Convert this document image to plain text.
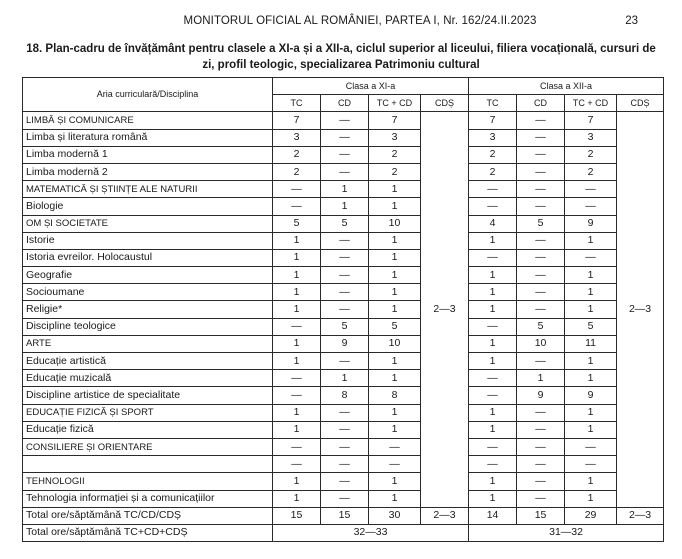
MONITORUL OFICIAL AL ROMÂNIEI, PARTEA I, Nr. 162/24.II.2023	23
18. Plan-cadru de învățământ pentru clasele a XI-a și a XII-a, ciclul superior al liceului, filiera vocațională, cursuri de zi, profil teologic, specializarea Patrimoniu cultural
Aria curriculară/Disciplina	Clasa a XI-a				Clasa a XII-a			
	TC	CD	TC + CD	CDȘ	TC	CD	TC + CD	CDȘ
LIMBĂ ȘI COMUNICARE	7	—	7	2—3	7	—	7	2—3
Limba și literatura română	3	—	3		3	—	3	
Limba modernă 1	2	—	2		2	—	2	
Limba modernă 2	2	—	2		2	—	2	
MATEMATICĂ ȘI ȘTIINȚE ALE NATURII	—	1	1		—	—	—	
Biologie	—	1	1		—	—	—	
OM ȘI SOCIETATE	5	5	10		4	5	9	
Istorie	1	—	1		1	—	1	
Istoria evreilor. Holocaustul	1	—	1		—	—	—	
Geografie	1	—	1		1	—	1	
Socioumane	1	—	1		1	—	1	
Religie*	1	—	1		1	—	1	
Discipline teologice	—	5	5		—	5	5	
ARTE	1	9	10		1	10	11	
Educație artistică	1	—	1		1	—	1	
Educație muzicală	—	1	1		—	1	1	
Discipline artistice de specialitate	—	8	8		—	9	9	
EDUCAȚIE FIZICĂ ȘI SPORT	1	—	1		1	—	1	
Educație fizică	1	—	1		1	—	1	
CONSILIERE ȘI ORIENTARE	—	—	—		—	—	—	
	—	—	—		—	—	—	
TEHNOLOGII	1	—	1		1	—	1	
Tehnologia informației și a comunicațiilor	1	—	1		1	—	1	
Total ore/săptămână TC/CD/CDȘ	15	15	30	2—3	14	15	29	2—3
Total ore/săptămână TC+CD+CDȘ	32—33				31—32			
